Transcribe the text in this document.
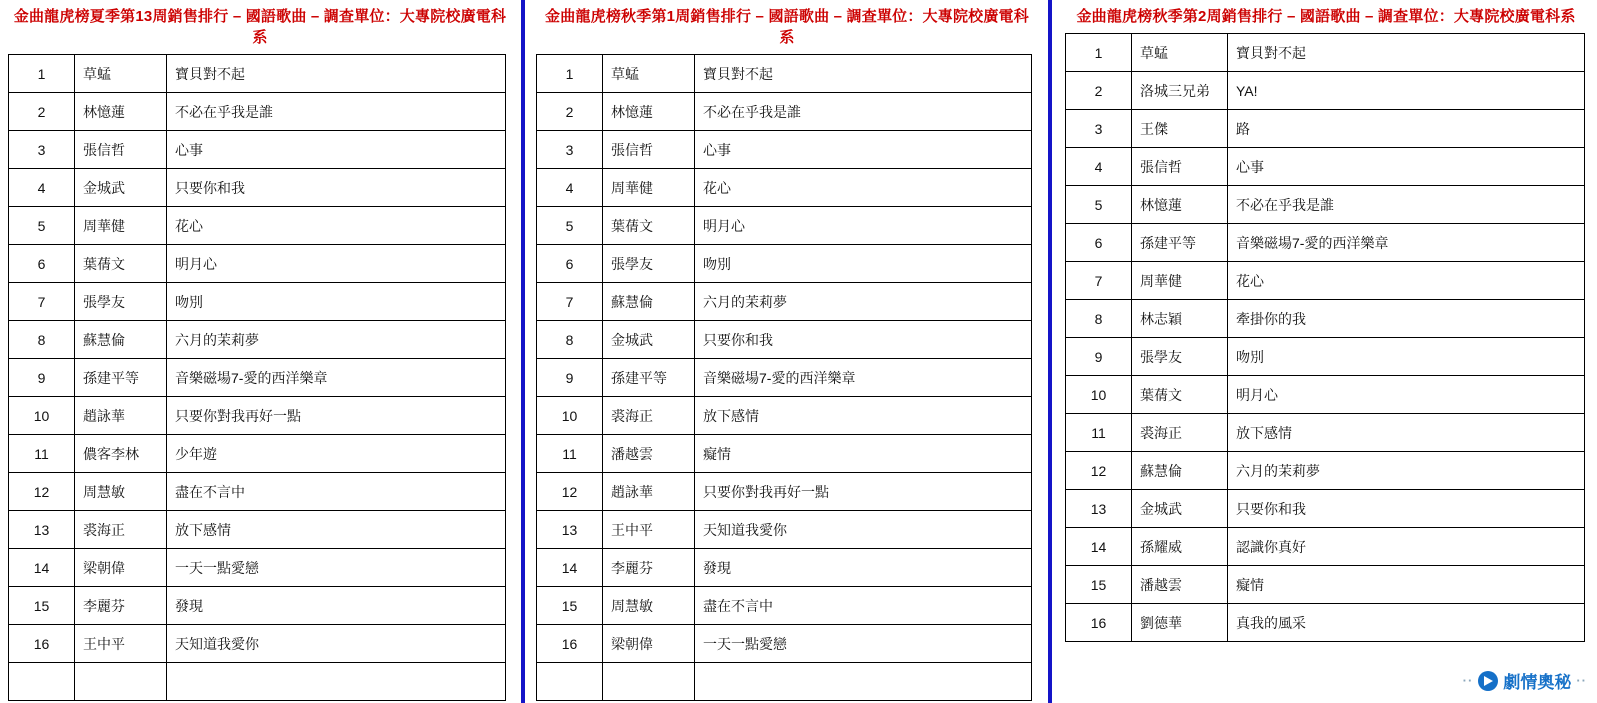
金曲龍虎榜夏季第13周銷售排行 – 國語歌曲 – 調查單位：大專院校廣電科系
1	草蜢	寶貝對不起
2	林憶蓮	不必在乎我是誰
3	張信哲	心事
4	金城武	只要你和我
5	周華健	花心
6	葉蒨文	明月心
7	張學友	吻別
8	蘇慧倫	六月的茉莉夢
9	孫建平等	音樂磁場7-愛的西洋樂章
10	趙詠華	只要你對我再好一點
11	儂客李林	少年遊
12	周慧敏	盡在不言中
13	裘海正	放下感情
14	梁朝偉	一天一點愛戀
15	李麗芬	發現
16	王中平	天知道我愛你

金曲龍虎榜秋季第1周銷售排行 – 國語歌曲 – 調查單位：大專院校廣電科系
1	草蜢	寶貝對不起
2	林憶蓮	不必在乎我是誰
3	張信哲	心事
4	周華健	花心
5	葉蒨文	明月心
6	張學友	吻別
7	蘇慧倫	六月的茉莉夢
8	金城武	只要你和我
9	孫建平等	音樂磁場7-愛的西洋樂章
10	裘海正	放下感情
11	潘越雲	癡情
12	趙詠華	只要你對我再好一點
13	王中平	天知道我愛你
14	李麗芬	發現
15	周慧敏	盡在不言中
16	梁朝偉	一天一點愛戀

金曲龍虎榜秋季第2周銷售排行 – 國語歌曲 – 調查單位：大專院校廣電科系
1	草蜢	寶貝對不起
2	洛城三兄弟	YA!
3	王傑	路
4	張信哲	心事
5	林憶蓮	不必在乎我是誰
6	孫建平等	音樂磁場7-愛的西洋樂章
7	周華健	花心
8	林志穎	牽掛你的我
9	張學友	吻別
10	葉蒨文	明月心
11	裘海正	放下感情
12	蘇慧倫	六月的茉莉夢
13	金城武	只要你和我
14	孫耀威	認識你真好
15	潘越雲	癡情
16	劉德華	真我的風采
·· 劇情奧秘 ··
